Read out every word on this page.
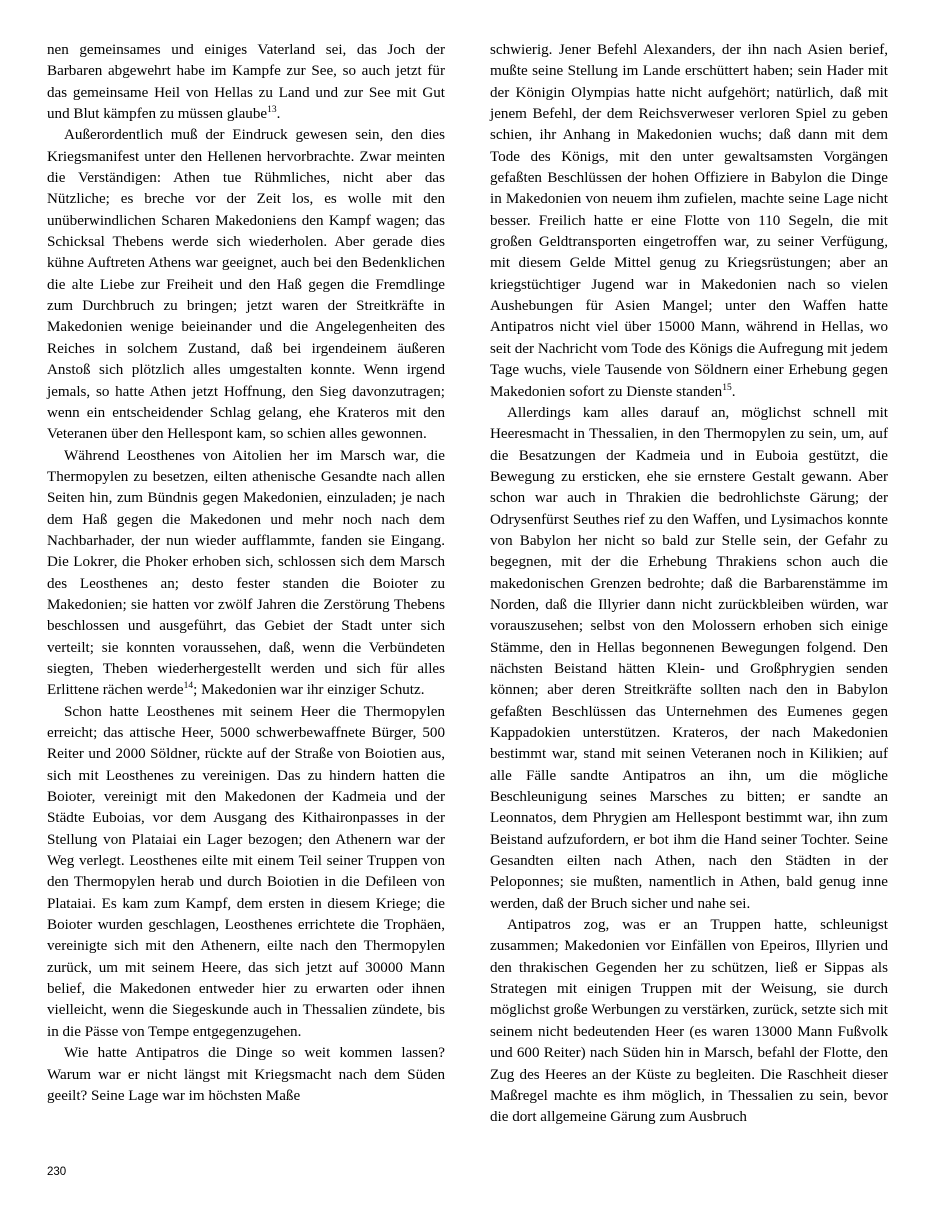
nen gemeinsames und einiges Vaterland sei, das Joch der Barbaren abgewehrt habe im Kampfe zur See, so auch jetzt für das gemeinsame Heil von Hellas zu Land und zur See mit Gut und Blut kämpfen zu müssen glaube$^{13}$.

Außerordentlich muß der Eindruck gewesen sein, den dies Kriegsmanifest unter den Hellenen hervorbrachte. Zwar meinten die Verständigen: Athen tue Rühmliches, nicht aber das Nützliche; es breche vor der Zeit los, es wolle mit den unüberwindlichen Scharen Makedoniens den Kampf wagen; das Schicksal Thebens werde sich wiederholen. Aber gerade dies kühne Auftreten Athens war geeignet, auch bei den Bedenklichen die alte Liebe zur Freiheit und den Haß gegen die Fremdlinge zum Durchbruch zu bringen; jetzt waren der Streitkräfte in Makedonien wenige beieinander und die Angelegenheiten des Reiches in solchem Zustand, daß bei irgendeinem äußeren Anstoß sich plötzlich alles umgestalten konnte. Wenn irgend jemals, so hatte Athen jetzt Hoffnung, den Sieg davonzutragen; wenn ein entscheidender Schlag gelang, ehe Krateros mit den Veteranen über den Hellespont kam, so schien alles gewonnen.

Während Leosthenes von Aitolien her im Marsch war, die Thermopylen zu besetzen, eilten athenische Gesandte nach allen Seiten hin, zum Bündnis gegen Makedonien, einzuladen; je nach dem Haß gegen die Makedonen und mehr noch nach dem Nachbarhader, der nun wieder aufflammte, fanden sie Eingang. Die Lokrer, die Phoker erhoben sich, schlossen sich dem Marsch des Leosthenes an; desto fester standen die Boioter zu Makedonien; sie hatten vor zwölf Jahren die Zerstörung Thebens beschlossen und ausgeführt, das Gebiet der Stadt unter sich verteilt; sie konnten voraussehen, daß, wenn die Verbündeten siegten, Theben wiederhergestellt werden und sich für alles Erlittene rächen werde$^{14}$; Makedonien war ihr einziger Schutz.

Schon hatte Leosthenes mit seinem Heer die Thermopylen erreicht; das attische Heer, 5000 schwerbewaffnete Bürger, 500 Reiter und 2000 Söldner, rückte auf der Straße von Boiotien aus, sich mit Leosthenes zu vereinigen. Das zu hindern hatten die Boioter, vereinigt mit den Makedonen der Kadmeia und der Städte Euboias, vor dem Ausgang des Kithaironpasses in der Stellung von Plataiai ein Lager bezogen; den Athenern war der Weg verlegt. Leosthenes eilte mit einem Teil seiner Truppen von den Thermopylen herab und durch Boiotien in die Defileen von Plataiai. Es kam zum Kampf, dem ersten in diesem Kriege; die Boioter wurden geschlagen, Leosthenes errichtete die Trophäen, vereinigte sich mit den Athenern, eilte nach den Thermopylen zurück, um mit seinem Heere, das sich jetzt auf 30000 Mann belief, die Makedonen entweder hier zu erwarten oder ihnen vielleicht, wenn die Siegeskunde auch in Thessalien zündete, bis in die Pässe von Tempe entgegenzugehen.

Wie hatte Antipatros die Dinge so weit kommen lassen? Warum war er nicht längst mit Kriegsmacht nach dem Süden geeilt? Seine Lage war im höchsten Maße

schwierig. Jener Befehl Alexanders, der ihn nach Asien berief, mußte seine Stellung im Lande erschüttert haben; sein Hader mit der Königin Olympias hatte nicht aufgehört; natürlich, daß mit jenem Befehl, der dem Reichsverweser verloren Spiel zu geben schien, ihr Anhang in Makedonien wuchs; daß dann mit dem Tode des Königs, mit den unter gewaltsamsten Vorgängen gefaßten Beschlüssen der hohen Offiziere in Babylon die Dinge in Makedonien von neuem ihm zufielen, machte seine Lage nicht besser. Freilich hatte er eine Flotte von 110 Segeln, die mit großen Geldtransporten eingetroffen war, zu seiner Verfügung, mit diesem Gelde Mittel genug zu Kriegsrüstungen; aber an kriegstüchtiger Jugend war in Makedonien nach so vielen Aushebungen für Asien Mangel; unter den Waffen hatte Antipatros nicht viel über 15000 Mann, während in Hellas, wo seit der Nachricht vom Tode des Königs die Aufregung mit jedem Tage wuchs, viele Tausende von Söldnern einer Erhebung gegen Makedonien sofort zu Dienste standen$^{15}$.

Allerdings kam alles darauf an, möglichst schnell mit Heeresmacht in Thessalien, in den Thermopylen zu sein, um, auf die Besatzungen der Kadmeia und in Euboia gestützt, die Bewegung zu ersticken, ehe sie ernstere Gestalt gewann. Aber schon war auch in Thrakien die bedrohlichste Gärung; der Odrysenfürst Seuthes rief zu den Waffen, und Lysimachos konnte von Babylon her nicht so bald zur Stelle sein, der Gefahr zu begegnen, mit der die Erhebung Thrakiens schon auch die makedonischen Grenzen bedrohte; daß die Barbarenstämme im Norden, daß die Illyrier dann nicht zurückbleiben würden, war vorauszusehen; selbst von den Molossern erhoben sich einige Stämme, den in Hellas begonnenen Bewegungen folgend. Den nächsten Beistand hätten Klein- und Großphrygien senden können; aber deren Streitkräfte sollten nach den in Babylon gefaßten Beschlüssen das Unternehmen des Eumenes gegen Kappadokien unterstützen. Krateros, der nach Makedonien bestimmt war, stand mit seinen Veteranen noch in Kilikien; auf alle Fälle sandte Antipatros an ihn, um die mögliche Beschleunigung seines Marsches zu bitten; er sandte an Leonnatos, dem Phrygien am Hellespont bestimmt war, ihn zum Beistand aufzufordern, er bot ihm die Hand seiner Tochter. Seine Gesandten eilten nach Athen, nach den Städten in der Peloponnes; sie mußten, namentlich in Athen, bald genug inne werden, daß der Bruch sicher und nahe sei.

Antipatros zog, was er an Truppen hatte, schleunigst zusammen; Makedonien vor Einfällen von Epeiros, Illyrien und den thrakischen Gegenden her zu schützen, ließ er Sippas als Strategen mit einigen Truppen mit der Weisung, sie durch möglichst große Werbungen zu verstärken, zurück, setzte sich mit seinem nicht bedeutenden Heer (es waren 13000 Mann Fußvolk und 600 Reiter) nach Süden hin in Marsch, befahl der Flotte, den Zug des Heeres an der Küste zu begleiten. Die Raschheit dieser Maßregel machte es ihm möglich, in Thessalien zu sein, bevor die dort allgemeine Gärung zum Ausbruch

230
